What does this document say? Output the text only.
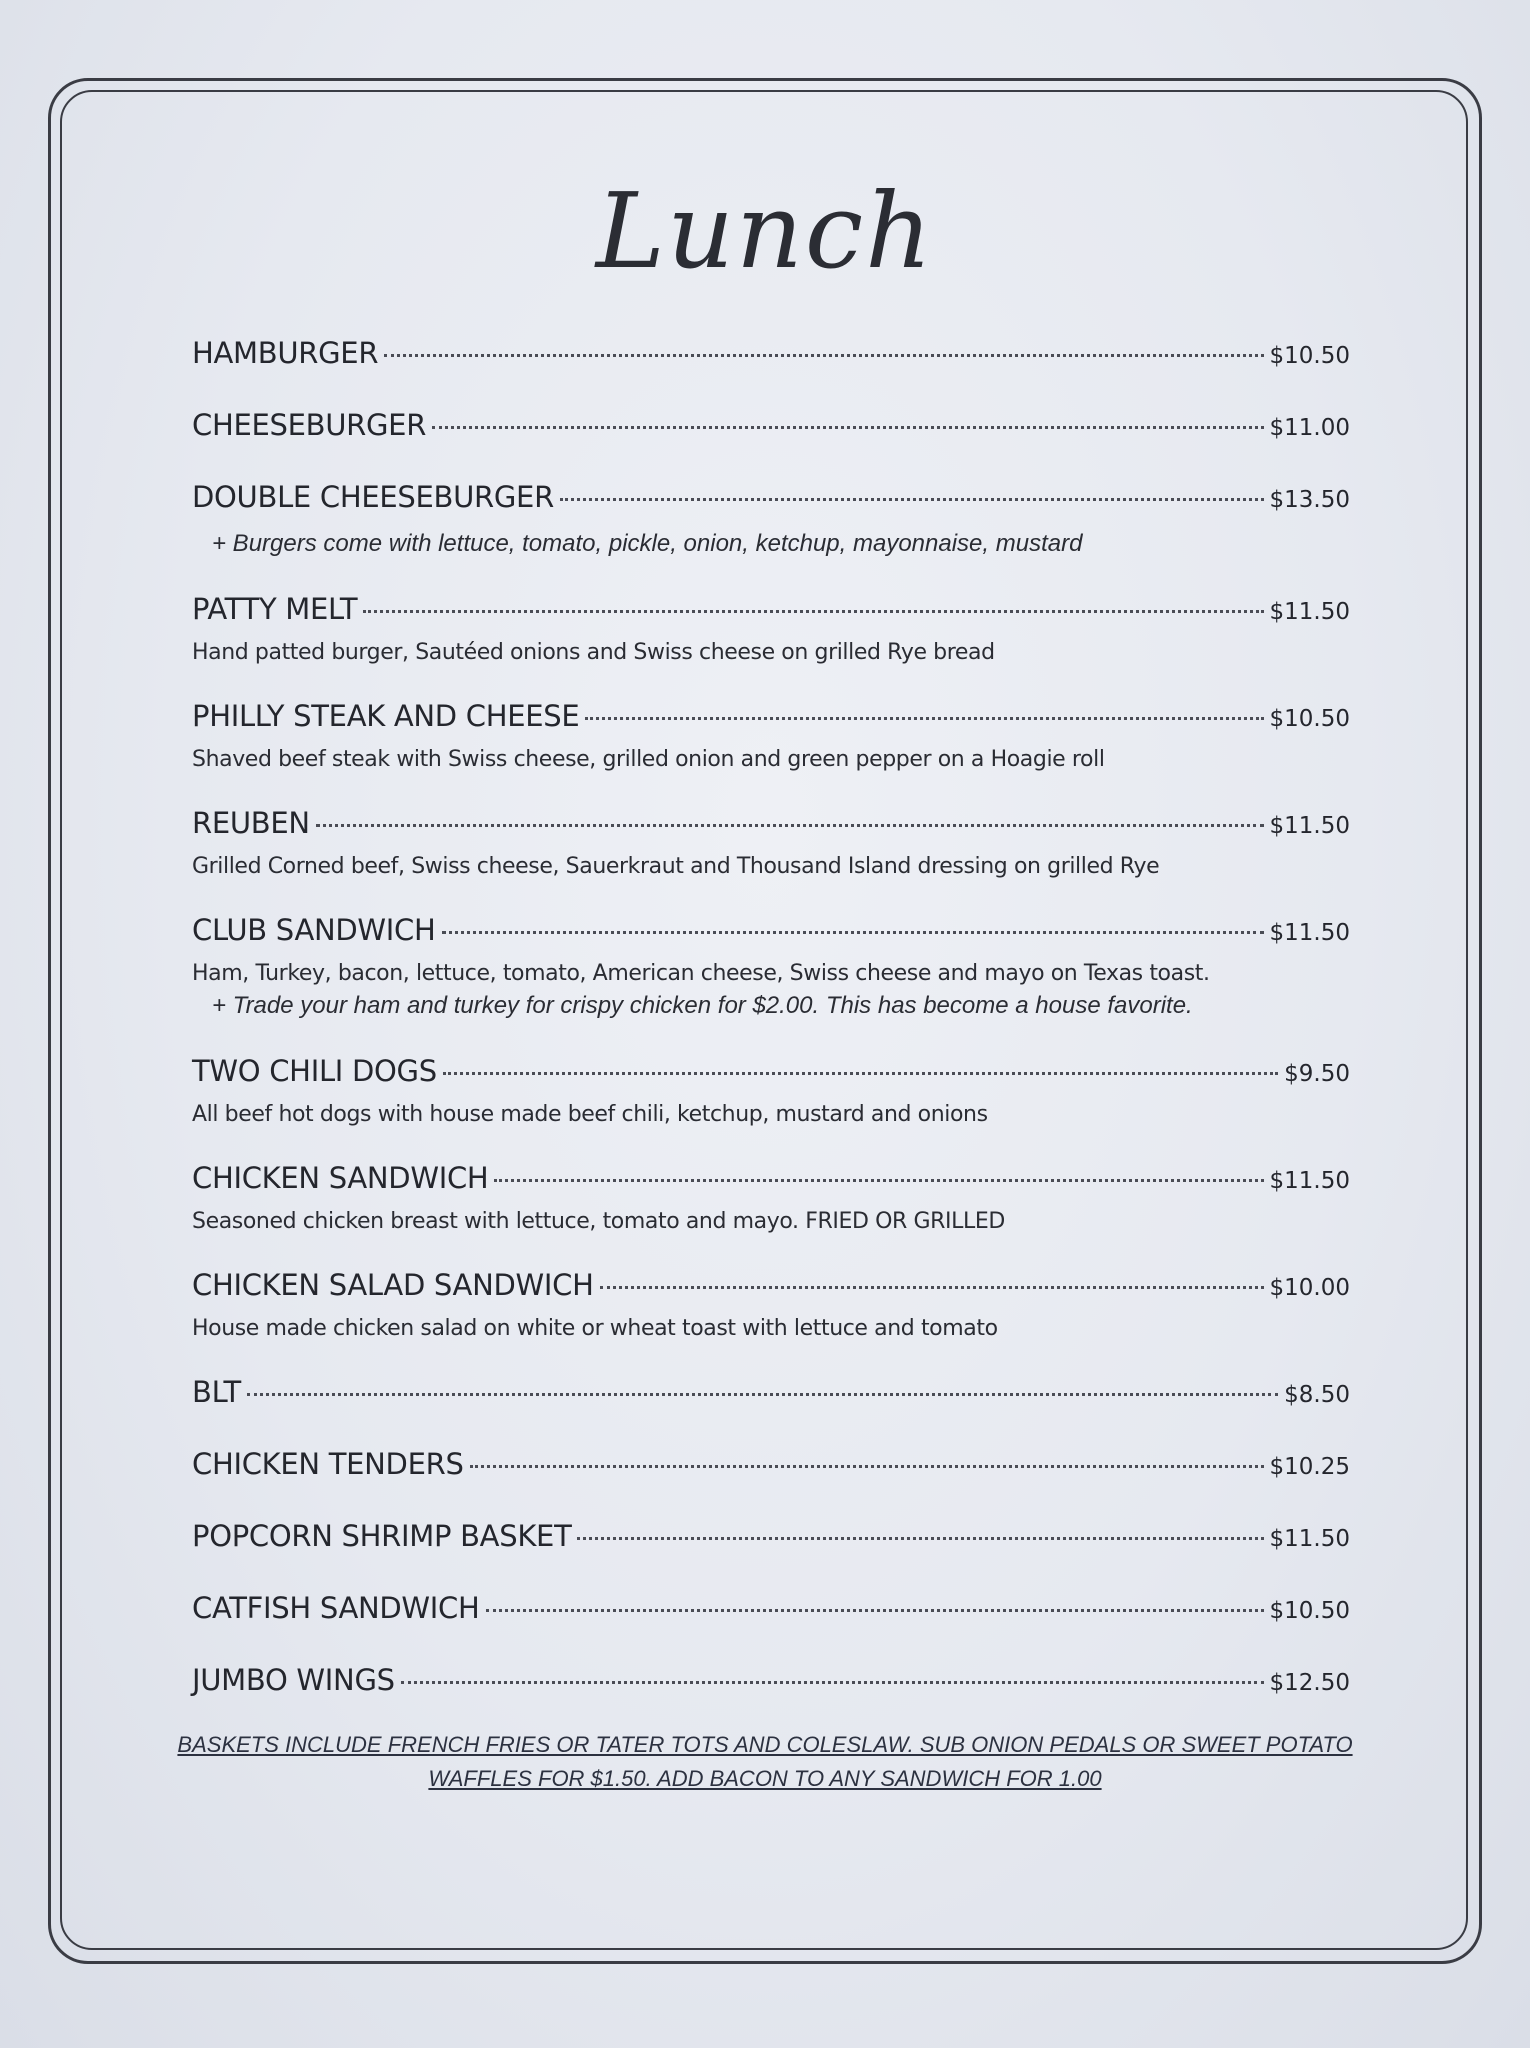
Lunch
HAMBURGER	$10.50
CHEESEBURGER	$11.00
DOUBLE CHEESEBURGER	$13.50
+ Burgers come with lettuce, tomato, pickle, onion, ketchup, mayonnaise, mustard
PATTY MELT	$11.50
Hand patted burger, Sautéed onions and Swiss cheese on grilled Rye bread
PHILLY STEAK AND CHEESE	$10.50
Shaved beef steak with Swiss cheese, grilled onion and green pepper on a Hoagie roll
REUBEN	$11.50
Grilled Corned beef, Swiss cheese, Sauerkraut and Thousand Island dressing on grilled Rye
CLUB SANDWICH	$11.50
Ham, Turkey, bacon, lettuce, tomato, American cheese, Swiss cheese and mayo on Texas toast.
+ Trade your ham and turkey for crispy chicken for $2.00. This has become a house favorite.
TWO CHILI DOGS	$9.50
All beef hot dogs with house made beef chili, ketchup, mustard and onions
CHICKEN SANDWICH	$11.50
Seasoned chicken breast with lettuce, tomato and mayo. FRIED OR GRILLED
CHICKEN SALAD SANDWICH	$10.00
House made chicken salad on white or wheat toast with lettuce and tomato
BLT	$8.50
CHICKEN TENDERS	$10.25
POPCORN SHRIMP BASKET	$11.50
CATFISH SANDWICH	$10.50
JUMBO WINGS	$12.50
BASKETS INCLUDE FRENCH FRIES OR TATER TOTS AND COLESLAW. SUB ONION PEDALS OR SWEET POTATO
WAFFLES FOR $1.50. ADD BACON TO ANY SANDWICH FOR 1.00
